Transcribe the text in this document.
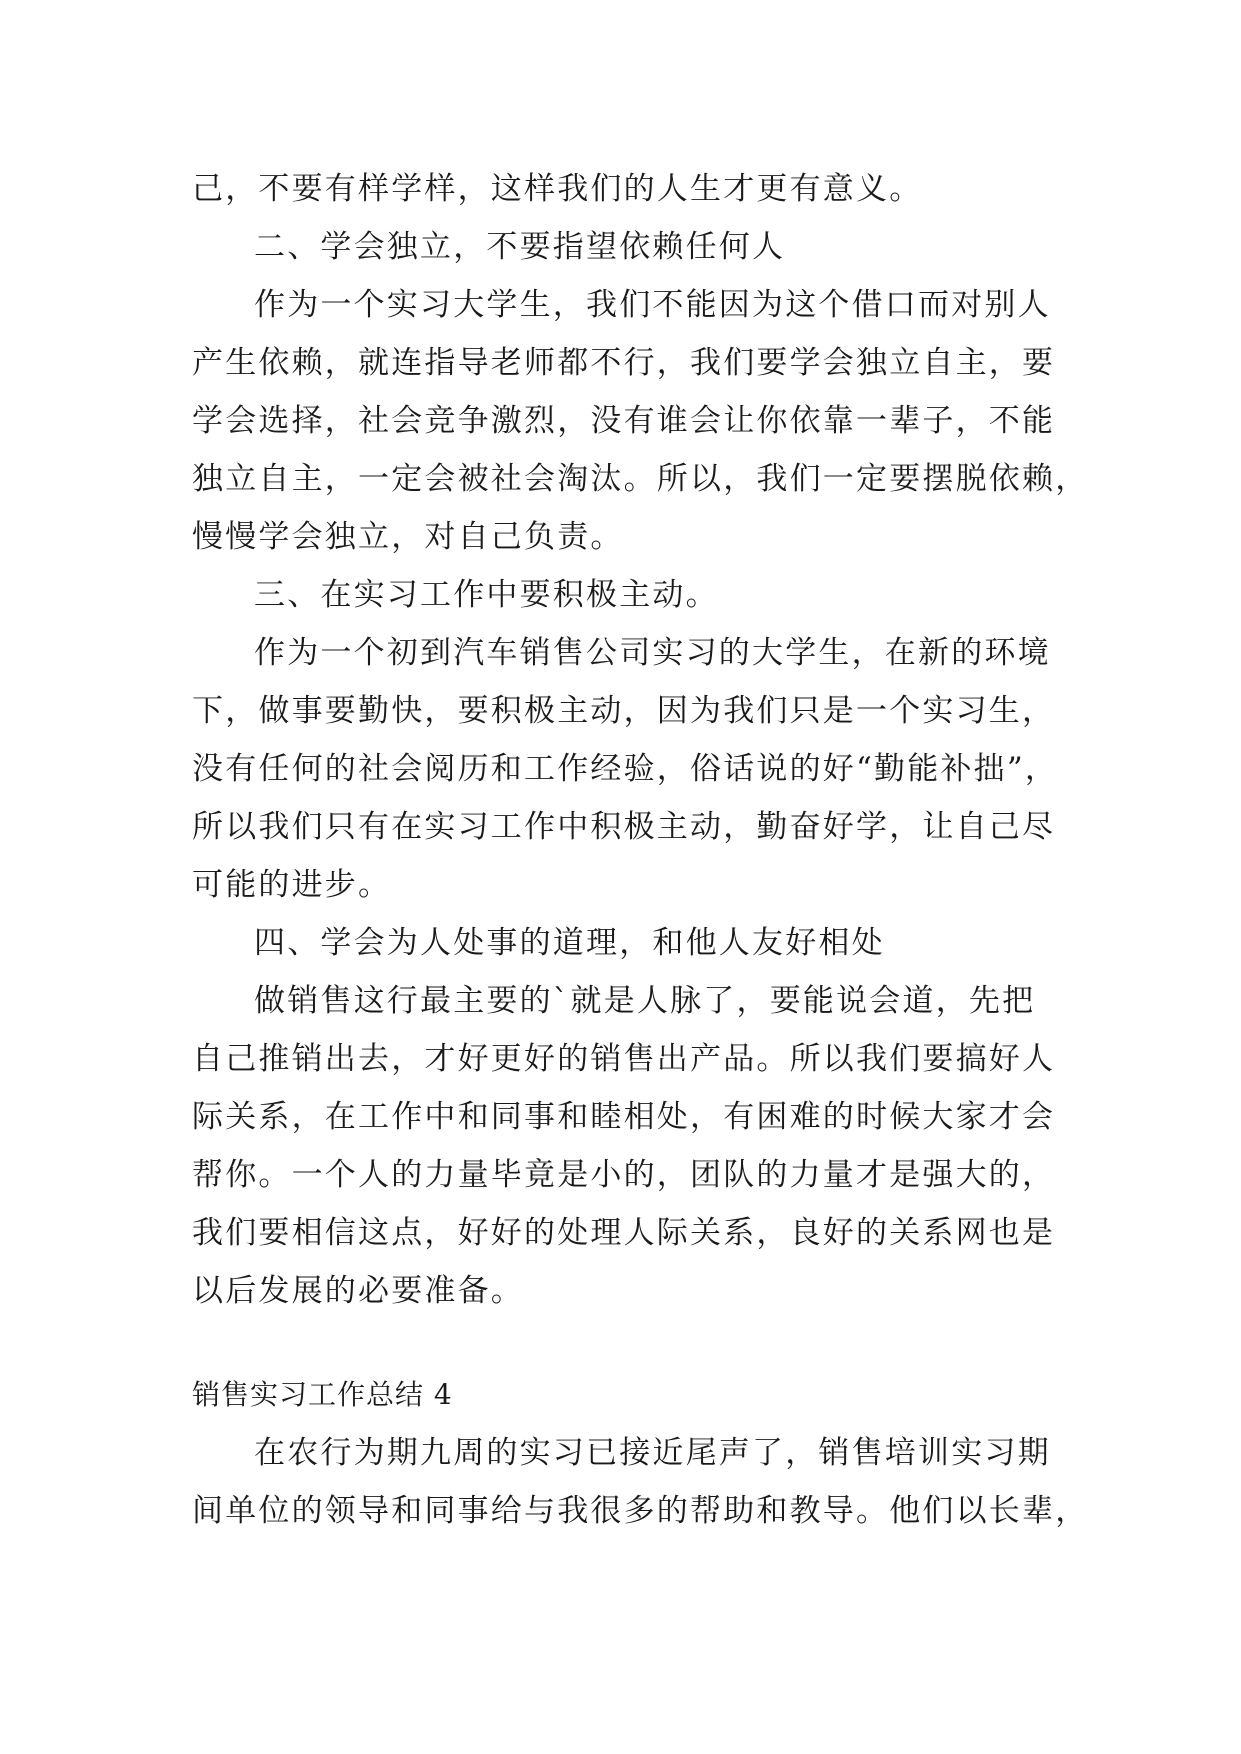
己，不要有样学样，这样我们的人生才更有意义。
二、学会独立，不要指望依赖任何人
作为一个实习大学生，我们不能因为这个借口而对别人
产生依赖，就连指导老师都不行，我们要学会独立自主，要
学会选择，社会竞争激烈，没有谁会让你依靠一辈子，不能
独立自主，一定会被社会淘汰。所以，我们一定要摆脱依赖，
慢慢学会独立，对自己负责。
三、在实习工作中要积极主动。
作为一个初到汽车销售公司实习的大学生，在新的环境
下，做事要勤快，要积极主动，因为我们只是一个实习生，
没有任何的社会阅历和工作经验，俗话说的好“勤能补拙”，
所以我们只有在实习工作中积极主动，勤奋好学，让自己尽
可能的进步。
四、学会为人处事的道理，和他人友好相处
做销售这行最主要的`就是人脉了，要能说会道，先把
自己推销出去，才好更好的销售出产品。所以我们要搞好人
际关系，在工作中和同事和睦相处，有困难的时候大家才会
帮你。一个人的力量毕竟是小的，团队的力量才是强大的，
我们要相信这点，好好的处理人际关系，良好的关系网也是
以后发展的必要准备。
销售实习工作总结 4
在农行为期九周的实习已接近尾声了，销售培训实习期
间单位的领导和同事给与我很多的帮助和教导。他们以长辈，
